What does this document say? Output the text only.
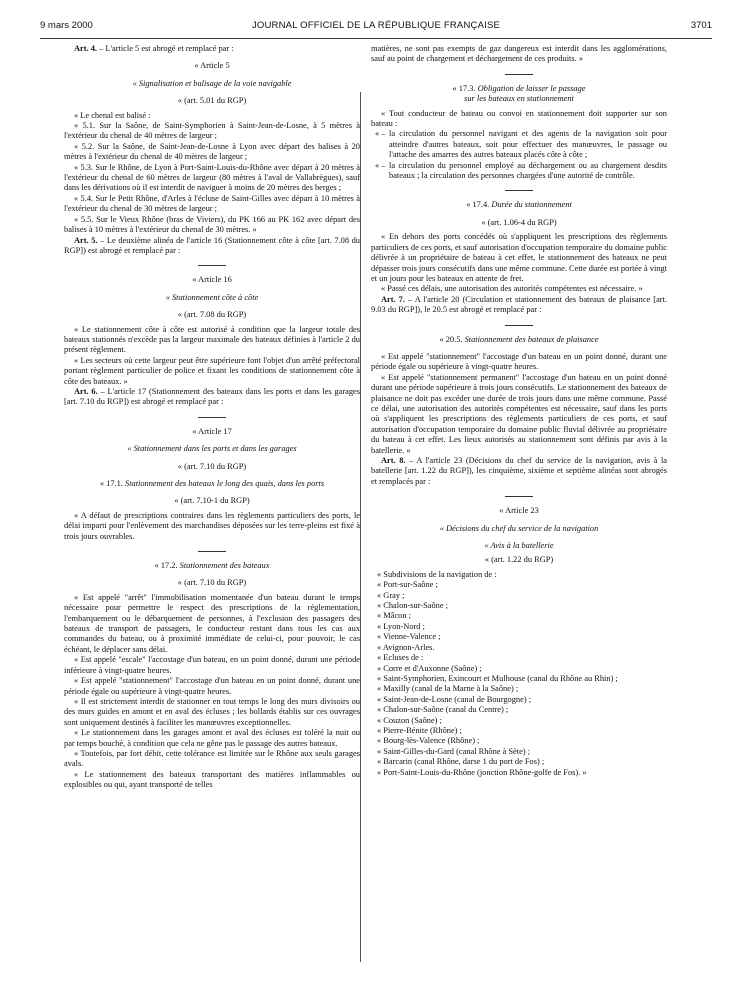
9 mars 2000	JOURNAL OFFICIEL DE LA RÉPUBLIQUE FRANÇAISE	3701

Art. 4. – L'article 5 est abrogé et remplacé par :

« Article 5

« Signalisation et balisage de la voie navigable

« (art. 5.01 du RGP)

« Le chenal est balisé :

« 5.1. Sur la Saône, de Saint-Symphorien à Saint-Jean-de-Losne, à 5 mètres à l'extérieur du chenal de 40 mètres de largeur ;

« 5.2. Sur la Saône, de Saint-Jean-de-Losne à Lyon avec départ des balises à 20 mètres à l'extérieur du chenal de 40 mètres de largeur ;

« 5.3. Sur le Rhône, de Lyon à Port-Saint-Louis-du-Rhône avec départ à 20 mètres à l'extérieur du chenal de 60 mètres de largeur (80 mètres à l'aval de Vallabrègues), sauf dans les dérivations où il est interdit de naviguer à moins de 20 mètres des berges ;

« 5.4. Sur le Petit Rhône, d'Arles à l'écluse de Saint-Gilles avec départ à 10 mètres à l'extérieur du chenal de 30 mètres de largeur ;

« 5.5. Sur le Vieux Rhône (bras de Viviers), du PK 166 au PK 162 avec départ des balises à 10 mètres à l'extérieur du chenal de 30 mètres. »

Art. 5. – Le deuxième alinéa de l'article 16 (Stationnement côte à côte [art. 7.08 du RGP]) est abrogé et remplacé par :

« Article 16

« Stationnement côte à côte

« (art. 7.08 du RGP)

« Le stationnement côte à côte est autorisé à condition que la largeur totale des bateaux stationnés n'excède pas la largeur maximale des bateaux définies à l'article 2 du présent règlement.

« Les secteurs où cette largeur peut être supérieure font l'objet d'un arrêté préfectoral portant règlement particulier de police et fixant les conditions de stationnement côte à côte des bateaux. »

Art. 6. – L'article 17 (Stationnement des bateaux dans les ports et dans les garages [art. 7.10 du RGP]) est abrogé et remplacé par :

« Article 17

« Stationnement dans les ports et dans les garages

« (art. 7.10 du RGP)

« 17.1. Stationnement des bateaux le long des quais, dans les ports

« (art. 7.10-1 du RGP)

« A défaut de prescriptions contraires dans les règlements particuliers des ports, le délai imparti pour l'enlèvement des marchandises déposées sur les terre-pleins est fixé à trois jours ouvrables.

« 17.2. Stationnement des bateaux

« (art. 7.10 du RGP)

« Est appelé "arrêt" l'immobilisation momentanée d'un bateau durant le temps nécessaire pour permettre le respect des prescriptions de la réglementation, l'embarquement ou le débarquement de personnes, à l'exclusion des passagers des bateaux de transport de passagers, le conducteur restant dans tous les cas aux commandes du bateau, ou à proximité immédiate de celui-ci, pour pouvoir, le cas échéant, le déplacer sans délai.

« Est appelé "escale" l'accostage d'un bateau, en un point donné, durant une période inférieure à vingt-quatre heures.

« Est appelé "stationnement" l'accostage d'un bateau en un point donné, durant une période égale ou supérieure à vingt-quatre heures.

« Il est strictement interdit de stationner en tout temps le long des murs divisoirs ou des murs guides en amont et en aval des écluses ; les bollards établis sur ces ouvrages sont uniquement destinés à faciliter les manœuvres exceptionnelles.

« Le stationnement dans les garages amont et aval des écluses est toléré la nuit ou par temps bouché, à condition que cela ne gêne pas le passage des autres bateaux.

« Toutefois, par fort débit, cette tolérance est limitée sur le Rhône aux seuls garages avals.

« Le stationnement des bateaux transportant des matières inflammables ou explosibles ou qui, ayant transporté de telles

matières, ne sont pas exempts de gaz dangereux est interdit dans les agglomérations, sauf au point de chargement et déchargement de ces produits. »

« 17.3. Obligation de laisser le passage

sur les bateaux en stationnement

« Tout conducteur de bateau ou convoi en stationnement doit supporter sur son bateau :

« – la circulation du personnel navigant et des agents de la navigation soit pour atteindre d'autres bateaux, soit pour effectuer des manœuvres, le passage ou l'attache des amarres des autres bateaux placés côte à côte ;
« – la circulation du personnel employé au déchargement ou au chargement desdits bateaux ; la circulation des personnes chargées d'une autorité de contrôle.

« 17.4. Durée du stationnement

« (art. 1.06-4 du RGP)

« En dehors des ports concédés où s'appliquent les prescriptions des règlements particuliers de ces ports, et sauf autorisation d'occupation temporaire du domaine public délivrée à un propriétaire de bateau à cet effet, le stationnement des bateaux ne peut dépasser trois jours consécutifs dans une même commune. Cette durée est portée à vingt et un jours pour les bateaux en attente de fret.

« Passé ces délais, une autorisation des autorités compétentes est nécessaire. »

Art. 7. – A l'article 20 (Circulation et stationnement des bateaux de plaisance [art. 9.03 du RGP]), le 20.5 est abrogé et remplacé par :

« 20.5. Stationnement des bateaux de plaisance

« Est appelé "stationnement" l'accostage d'un bateau en un point donné, durant une période égale ou supérieure à vingt-quatre heures.

« Est appelé "stationnement permanent" l'accostage d'un bateau en un point donné durant une période supérieure à trois jours consécutifs. Le stationnement des bateaux de plaisance ne doit pas excéder une durée de trois jours dans une même commune. Passé ce délai, une autorisation des autorités compétentes est nécessaire, sauf dans les ports où s'appliquent les prescriptions des règlements particuliers de ces ports, et sauf autorisation d'occupation temporaire du domaine public fluvial délivrée au propriétaire du bateau à cet effet. Les lieux autorisés au stationnement sont définis par avis à la batellerie. »

Art. 8. – A l'article 23 (Décisions du chef du service de la navigation, avis à la batellerie [art. 1.22 du RGP]), les cinquième, sixième et septième alinéas sont abrogés et remplacés par :

« Article 23

« Décisions du chef du service de la navigation

« Avis à la batellerie

« (art. 1.22 du RGP)

« Subdivisions de la navigation de :

« Port-sur-Saône ;

« Gray ;

« Chalon-sur-Saône ;

« Mâcon ;

« Lyon-Nord ;

« Vienne-Valence ;

« Avignon-Arles.

« Ecluses de :

« Corre et d'Auxonne (Saône) ;

« Saint-Symphorien, Exincourt et Mulhouse (canal du Rhône au Rhin) ;

« Maxilly (canal de la Marne à la Saône) ;

« Saint-Jean-de-Losne (canal de Bourgogne) ;

« Chalon-sur-Saône (canal du Centre) ;

« Couzon (Saône) ;

« Pierre-Bénite (Rhône) ;

« Bourg-lès-Valence (Rhône) ;

« Saint-Gilles-du-Gard (canal Rhône à Sète) ;

« Barcarin (canal Rhône, darse 1 du port de Fos) ;

« Port-Saint-Louis-du-Rhône (jonction Rhône-golfe de Fos). »
